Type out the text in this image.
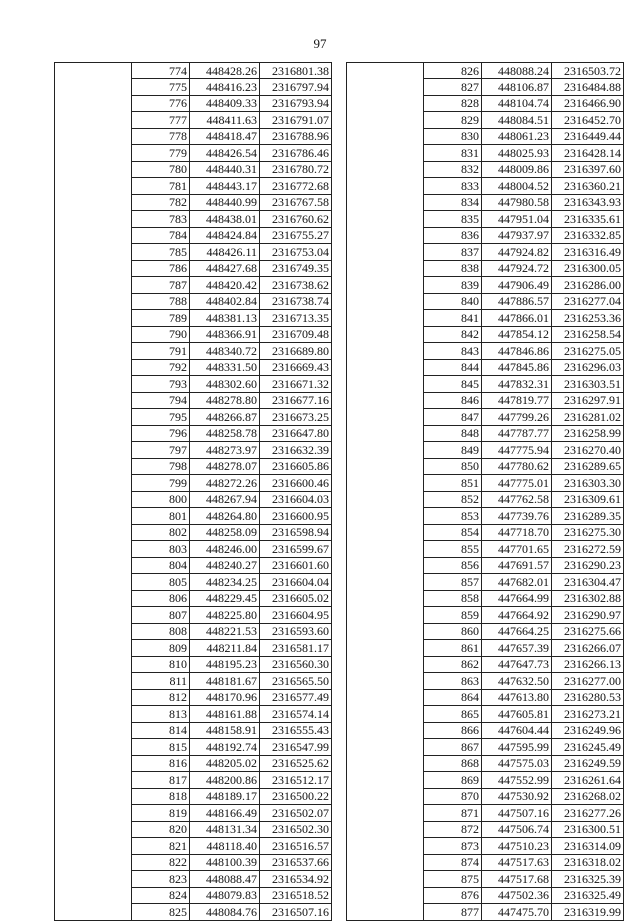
97
	774	448428.26	2316801.38
	775	448416.23	2316797.94
	776	448409.33	2316793.94
	777	448411.63	2316791.07
	778	448418.47	2316788.96
	779	448426.54	2316786.46
	780	448440.31	2316780.72
	781	448443.17	2316772.68
	782	448440.99	2316767.58
	783	448438.01	2316760.62
	784	448424.84	2316755.27
	785	448426.11	2316753.04
	786	448427.68	2316749.35
	787	448420.42	2316738.62
	788	448402.84	2316738.74
	789	448381.13	2316713.35
	790	448366.91	2316709.48
	791	448340.72	2316689.80
	792	448331.50	2316669.43
	793	448302.60	2316671.32
	794	448278.80	2316677.16
	795	448266.87	2316673.25
	796	448258.78	2316647.80
	797	448273.97	2316632.39
	798	448278.07	2316605.86
	799	448272.26	2316600.46
	800	448267.94	2316604.03
	801	448264.80	2316600.95
	802	448258.09	2316598.94
	803	448246.00	2316599.67
	804	448240.27	2316601.60
	805	448234.25	2316604.04
	806	448229.45	2316605.02
	807	448225.80	2316604.95
	808	448221.53	2316593.60
	809	448211.84	2316581.17
	810	448195.23	2316560.30
	811	448181.67	2316565.50
	812	448170.96	2316577.49
	813	448161.88	2316574.14
	814	448158.91	2316555.43
	815	448192.74	2316547.99
	816	448205.02	2316525.62
	817	448200.86	2316512.17
	818	448189.17	2316500.22
	819	448166.49	2316502.07
	820	448131.34	2316502.30
	821	448118.40	2316516.57
	822	448100.39	2316537.66
	823	448088.47	2316534.92
	824	448079.83	2316518.52
	825	448084.76	2316507.16
	826	448088.24	2316503.72
	827	448106.87	2316484.88
	828	448104.74	2316466.90
	829	448084.51	2316452.70
	830	448061.23	2316449.44
	831	448025.93	2316428.14
	832	448009.86	2316397.60
	833	448004.52	2316360.21
	834	447980.58	2316343.93
	835	447951.04	2316335.61
	836	447937.97	2316332.85
	837	447924.82	2316316.49
	838	447924.72	2316300.05
	839	447906.49	2316286.00
	840	447886.57	2316277.04
	841	447866.01	2316253.36
	842	447854.12	2316258.54
	843	447846.86	2316275.05
	844	447845.86	2316296.03
	845	447832.31	2316303.51
	846	447819.77	2316297.91
	847	447799.26	2316281.02
	848	447787.77	2316258.99
	849	447775.94	2316270.40
	850	447780.62	2316289.65
	851	447775.01	2316303.30
	852	447762.58	2316309.61
	853	447739.76	2316289.35
	854	447718.70	2316275.30
	855	447701.65	2316272.59
	856	447691.57	2316290.23
	857	447682.01	2316304.47
	858	447664.99	2316302.88
	859	447664.92	2316290.97
	860	447664.25	2316275.66
	861	447657.39	2316266.07
	862	447647.73	2316266.13
	863	447632.50	2316277.00
	864	447613.80	2316280.53
	865	447605.81	2316273.21
	866	447604.44	2316249.96
	867	447595.99	2316245.49
	868	447575.03	2316249.59
	869	447552.99	2316261.64
	870	447530.92	2316268.02
	871	447507.16	2316277.26
	872	447506.74	2316300.51
	873	447510.23	2316314.09
	874	447517.63	2316318.02
	875	447517.68	2316325.39
	876	447502.36	2316325.49
	877	447475.70	2316319.99
